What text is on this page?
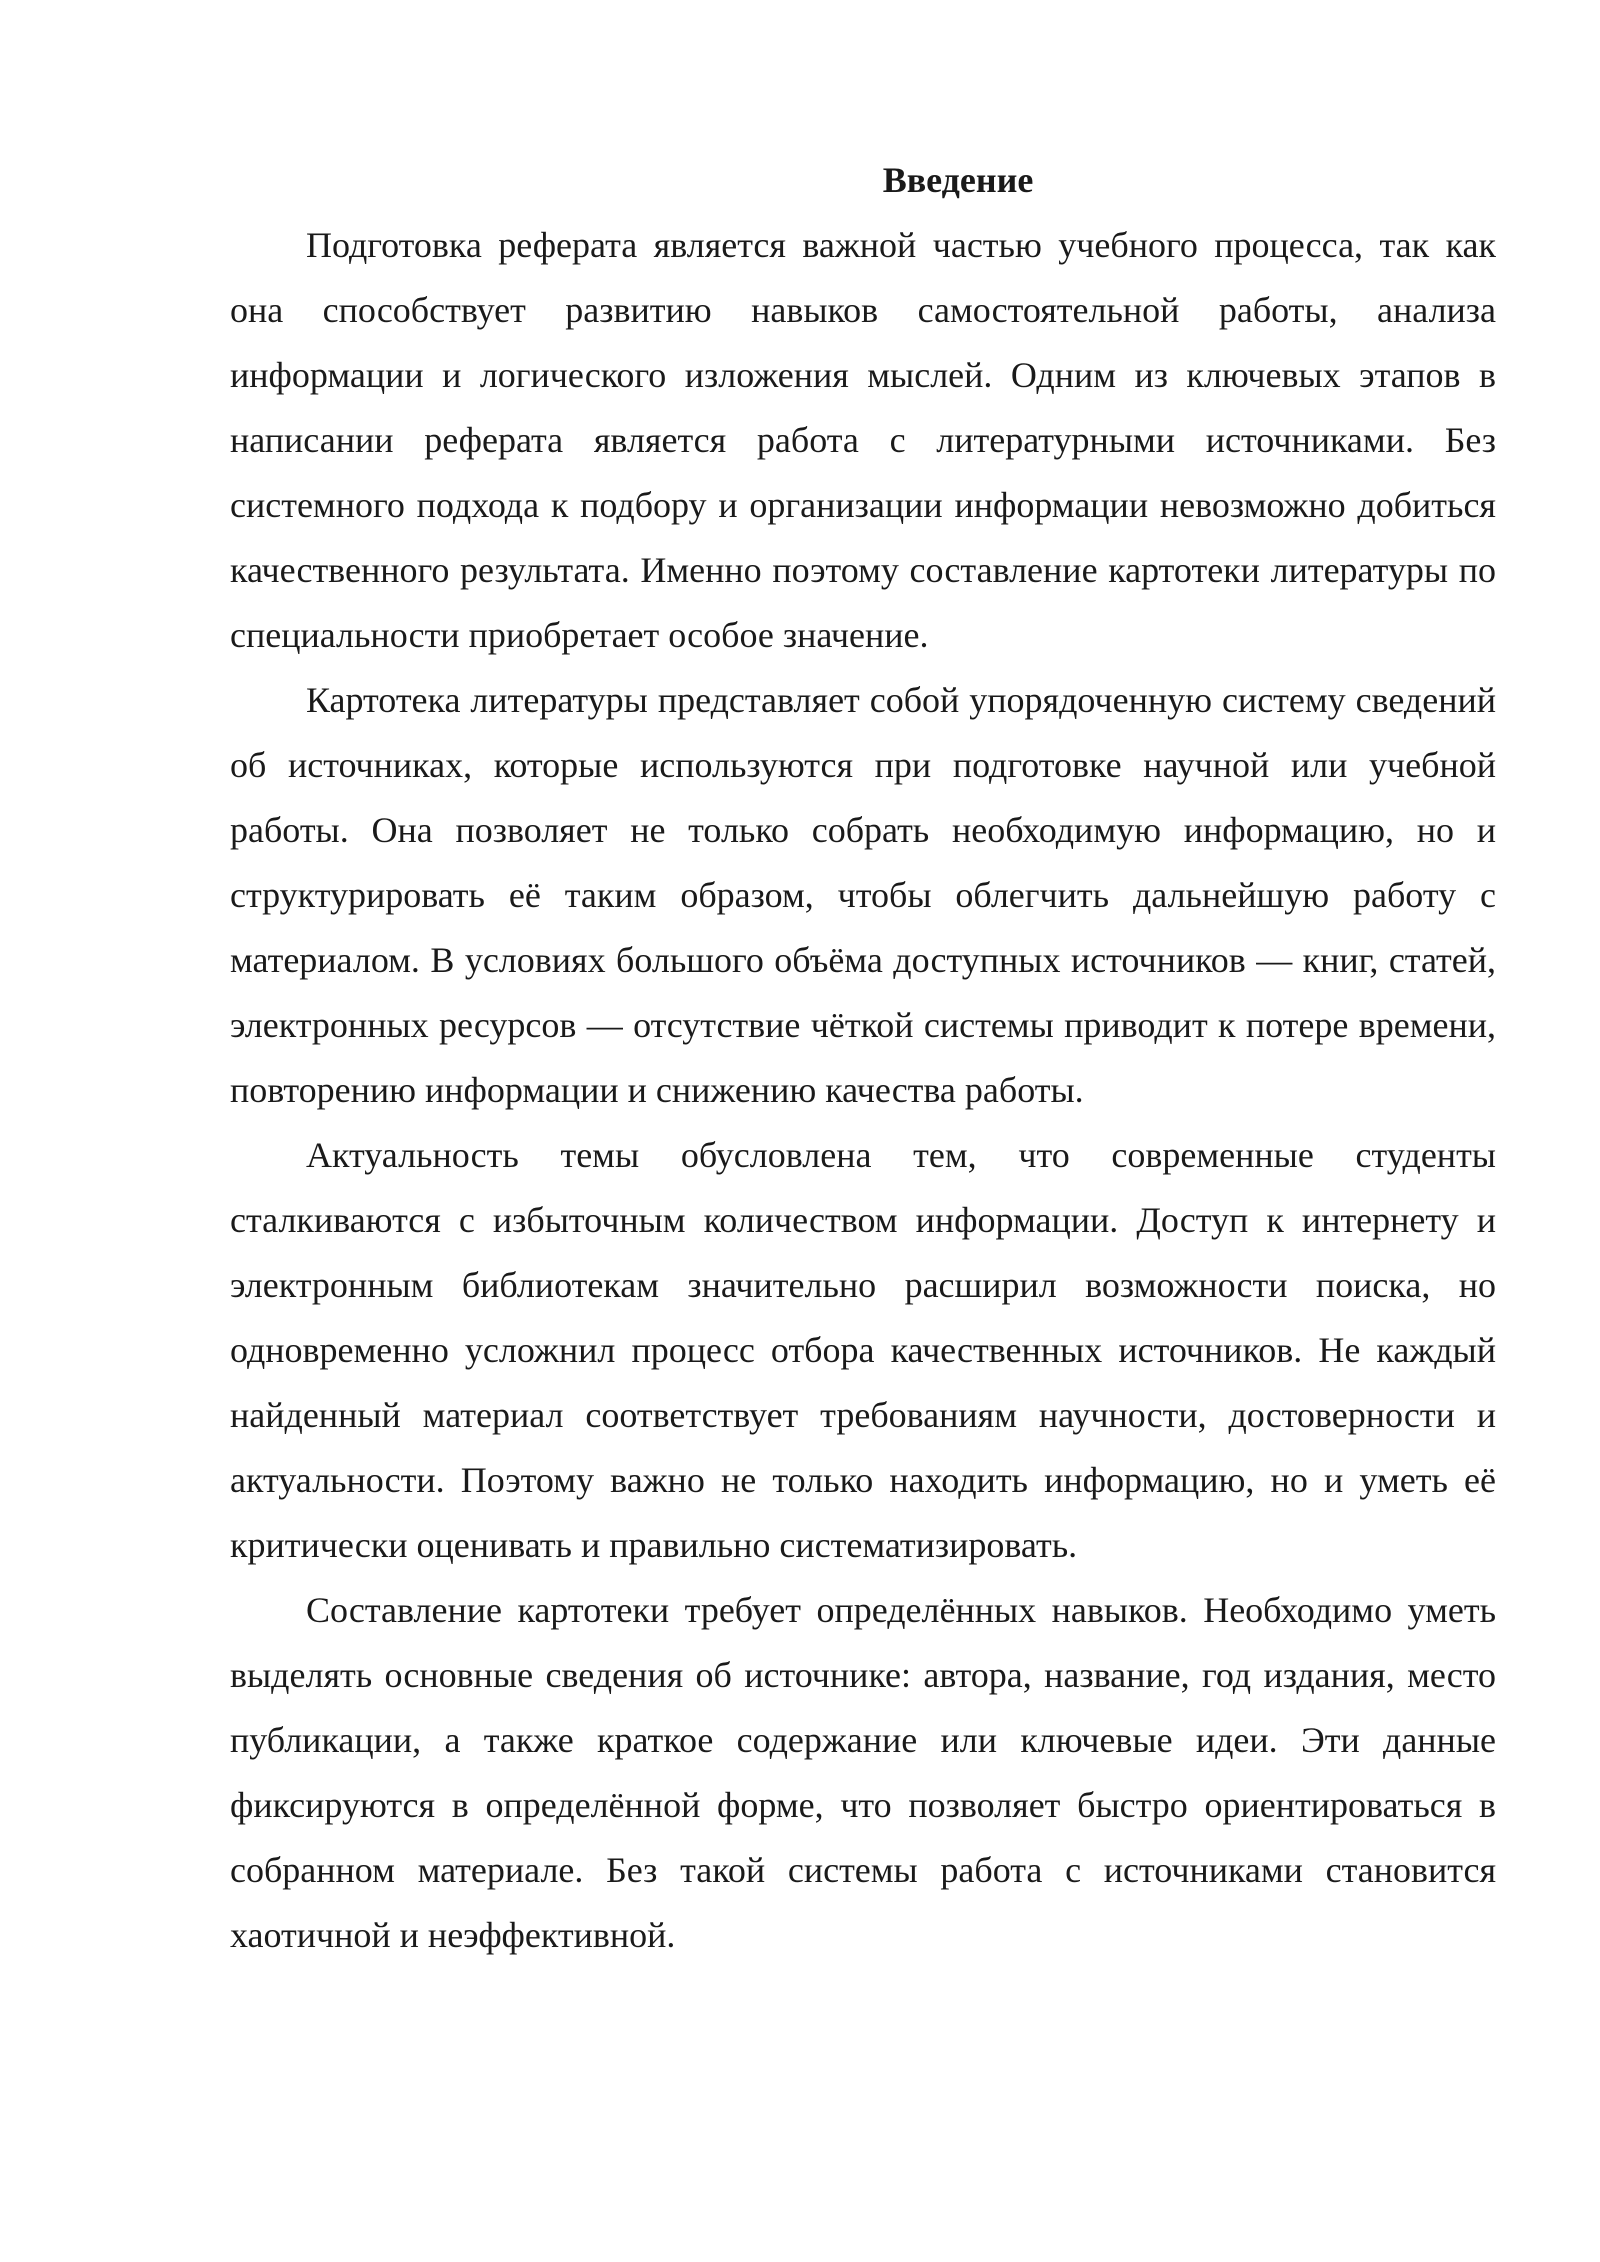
Введение

Подготовка реферата является важной частью учебного процесса, так как она способствует развитию навыков самостоятельной работы, анализа информации и логического изложения мыслей. Одним из ключевых этапов в написании реферата является работа с литературными источниками. Без системного подхода к подбору и организации информации невозможно добиться качественного результата. Именно поэтому составление картотеки литературы по специальности приобретает особое значение.

Картотека литературы представляет собой упорядоченную систему сведений об источниках, которые используются при подготовке научной или учебной работы. Она позволяет не только собрать необходимую информацию, но и структурировать её таким образом, чтобы облегчить дальнейшую работу с материалом. В условиях большого объёма доступных источников — книг, статей, электронных ресурсов — отсутствие чёткой системы приводит к потере времени, повторению информации и снижению качества работы.

Актуальность темы обусловлена тем, что современные студенты сталкиваются с избыточным количеством информации. Доступ к интернету и электронным библиотекам значительно расширил возможности поиска, но одновременно усложнил процесс отбора качественных источников. Не каждый найденный материал соответствует требованиям научности, достоверности и актуальности. Поэтому важно не только находить информацию, но и уметь её критически оценивать и правильно систематизировать.

Составление картотеки требует определённых навыков. Необходимо уметь выделять основные сведения об источнике: автора, название, год издания, место публикации, а также краткое содержание или ключевые идеи. Эти данные фиксируются в определённой форме, что позволяет быстро ориентироваться в собранном материале. Без такой системы работа с источниками становится хаотичной и неэффективной.
